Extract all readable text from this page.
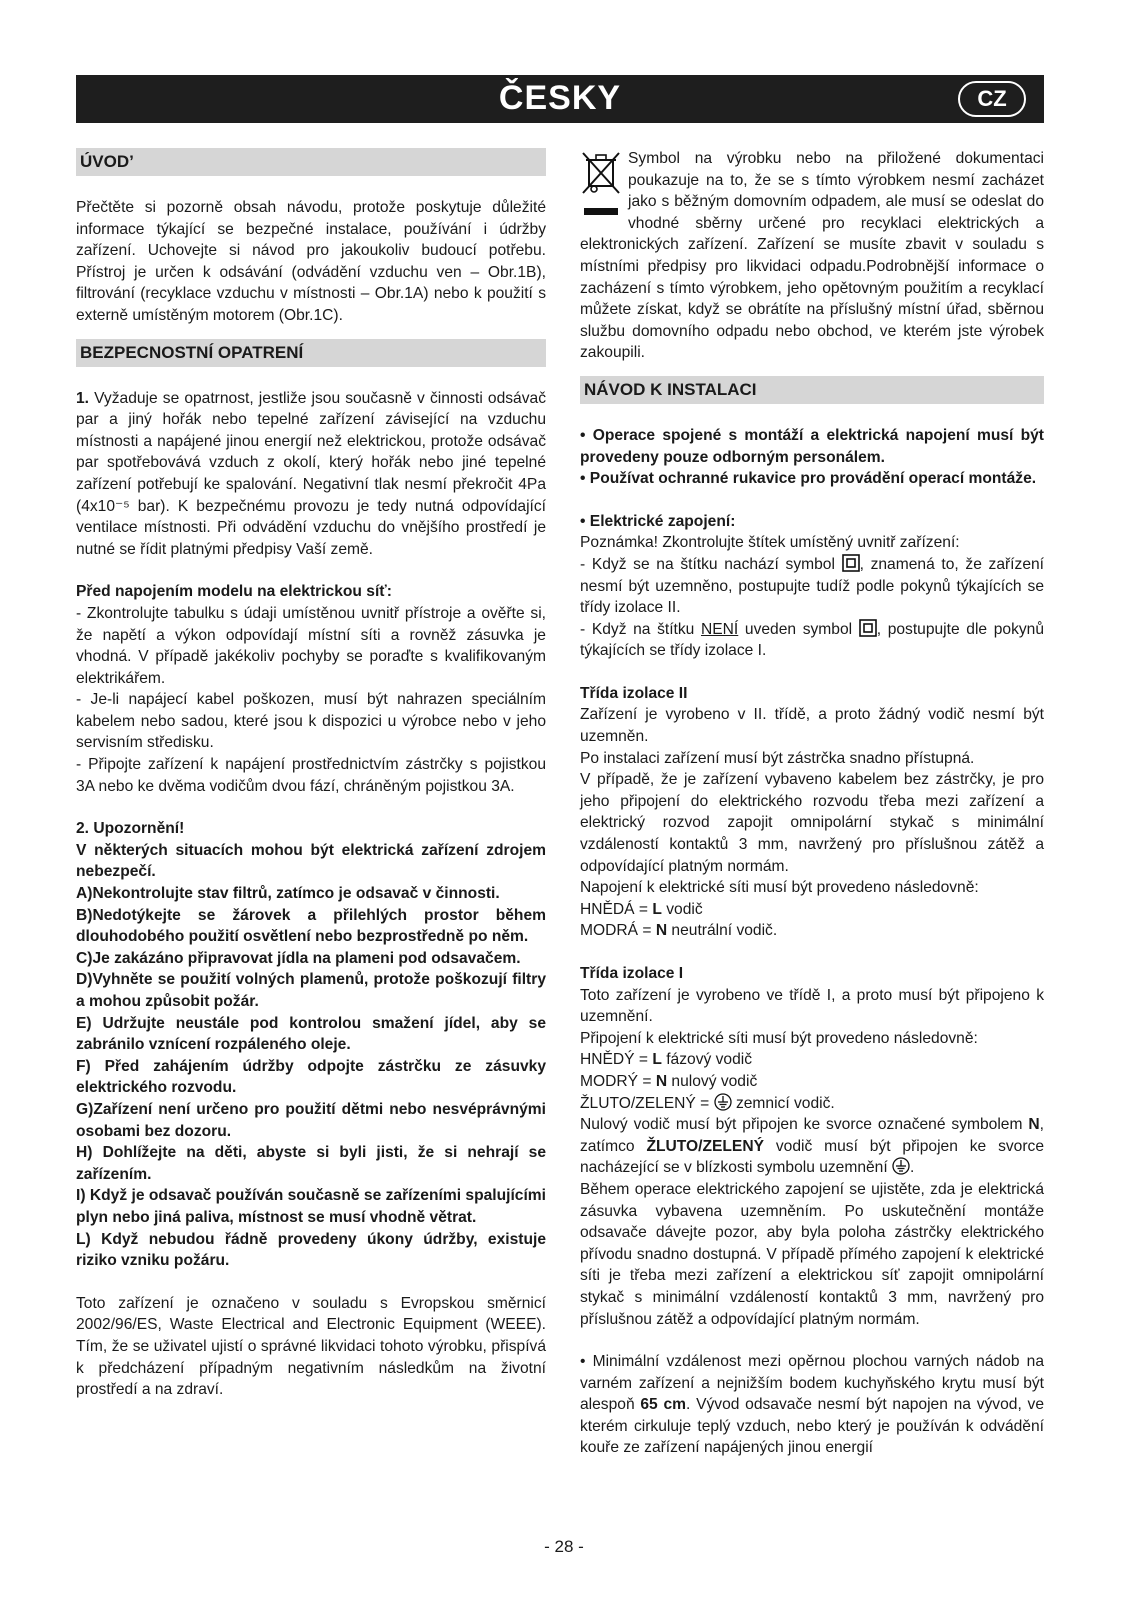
ČESKY	CZ
ÚVOD’

Přečtěte si pozorně obsah návodu, protože poskytuje důležité informace týkající se bezpečné instalace, používání i údržby zařízení. Uchovejte si návod pro jakoukoliv budoucí potřebu. Přístroj je určen k odsávání (odvádění vzduchu ven – Obr.1B), filtrování (recyklace vzduchu v místnosti – Obr.1A) nebo k použití s externě umístěným motorem (Obr.1C).

BEZPECNOSTNÍ OPATRENÍ

1. Vyžaduje se opatrnost, jestliže jsou současně v činnosti odsávač par a jiný hořák nebo tepelné zařízení závisející na vzduchu místnosti a napájené jinou energií než elektrickou, protože odsávač par spotřebovává vzduch z okolí, který hořák nebo jiné tepelné zařízení potřebují ke spalování. Negativní tlak nesmí překročit 4Pa (4x10⁻⁵ bar). K bezpečnému provozu je tedy nutná odpovídající ventilace místnosti. Při odvádění vzduchu do vnějšího prostředí je nutné se řídit platnými předpisy Vaší země.

Před napojením modelu na elektrickou síť:

- Zkontrolujte tabulku s údaji umístěnou uvnitř přístroje a ověřte si, že napětí a výkon odpovídají místní síti a rovněž zásuvka je vhodná. V případě jakékoliv pochyby se poraďte s kvalifikovaným elektrikářem.

- Je-li napájecí kabel poškozen, musí být nahrazen speciálním kabelem nebo sadou, které jsou k dispozici u výrobce nebo v jeho servisním středisku.

- Připojte zařízení k napájení prostřednictvím zástrčky s pojistkou 3A nebo ke dvěma vodičům dvou fází, chráněným pojistkou 3A.

2. Upozornění!

V některých situacích mohou být elektrická zařízení zdrojem nebezpečí.

A)Nekontrolujte stav filtrů, zatímco je odsavač v činnosti.

B)Nedotýkejte se žárovek a přilehlých prostor během dlouhodobého použití osvětlení nebo bezprostředně po něm.

C)Je zakázáno připravovat jídla na plameni pod odsavačem.

D)Vyhněte se použití volných plamenů, protože poškozují filtry a mohou způsobit požár.

E) Udržujte neustále pod kontrolou smažení jídel, aby se zabránilo vznícení rozpáleného oleje.

F) Před zahájením údržby odpojte zástrčku ze zásuvky elektrického rozvodu.

G)Zařízení není určeno pro použití dětmi nebo nesvéprávnými osobami bez dozoru.

H) Dohlížejte na děti, abyste si byli jisti, že si nehrají se zařízením.

I) Když je odsavač používán současně se zařízeními spalujícími plyn nebo jiná paliva, místnost se musí vhodně větrat.

L) Když nebudou řádně provedeny úkony údržby, existuje riziko vzniku požáru.

Toto zařízení je označeno v souladu s Evropskou směrnicí 2002/96/ES, Waste Electrical and Electronic Equipment (WEEE). Tím, že se uživatel ujistí o správné likvidaci tohoto výrobku, přispívá k předcházení případným negativním následkům na životní prostředí a na zdraví.

Symbol na výrobku nebo na přiložené dokumentaci poukazuje na to, že se s tímto výrobkem nesmí zacházet jako s běžným domovním odpadem, ale musí se odeslat do vhodné sběrny určené pro recyklaci elektrických a elektronických zařízení. Zařízení se musíte zbavit v souladu s místními předpisy pro likvidaci odpadu.Podrobnější informace o zacházení s tímto výrobkem, jeho opětovným použitím a recyklací můžete získat, když se obrátíte na příslušný místní úřad, sběrnou službu domovního odpadu nebo obchod, ve kterém jste výrobek zakoupili.

NÁVOD K INSTALACI

• Operace spojené s montáží a elektrická napojení musí být provedeny pouze odborným personálem.

• Používat ochranné rukavice pro provádění operací montáže.

• Elektrické zapojení:

Poznámka! Zkontrolujte štítek umístěný uvnitř zařízení:

- Když se na štítku nachází symbol , znamená to, že zařízení nesmí být uzemněno, postupujte tudíž podle pokynů týkajících se třídy izolace II.

- Když na štítku NENÍ uveden symbol , postupujte dle pokynů týkajících se třídy izolace I.

Třída izolace II

Zařízení je vyrobeno v II. třídě, a proto žádný vodič nesmí být uzemněn.

Po instalaci zařízení musí být zástrčka snadno přístupná.

V případě, že je zařízení vybaveno kabelem bez zástrčky, je pro jeho připojení do elektrického rozvodu třeba mezi zařízení a elektrický rozvod zapojit omnipolární stykač s minimální vzdáleností kontaktů 3 mm, navržený pro příslušnou zátěž a odpovídající platným normám.

Napojení k elektrické síti musí být provedeno následovně:

HNĚDÁ = L vodič

MODRÁ = N neutrální vodič.

Třída izolace I

Toto zařízení je vyrobeno ve třídě I, a proto musí být připojeno k uzemnění.

Připojení k elektrické síti musí být provedeno následovně:

HNĚDÝ = L fázový vodič

MODRÝ = N nulový vodič

ŽLUTO/ZELENÝ =  zemnicí vodič.

Nulový vodič musí být připojen ke svorce označené symbolem N, zatímco ŽLUTO/ZELENÝ vodič musí být připojen ke svorce nacházející se v blízkosti symbolu uzemnění .

Během operace elektrického zapojení se ujistěte, zda je elektrická zásuvka vybavena uzemněním. Po uskutečnění montáže odsavače dávejte pozor, aby byla poloha zástrčky elektrického přívodu snadno dostupná. V případě přímého zapojení k elektrické síti je třeba mezi zařízení a elektrickou síť zapojit omnipolární stykač s minimální vzdáleností kontaktů 3 mm, navržený pro příslušnou zátěž a odpovídající platným normám.

• Minimální vzdálenost mezi opěrnou plochou varných nádob na varném zařízení a nejnižším bodem kuchyňského krytu musí být alespoň 65 cm. Vývod odsavače nesmí být napojen na vývod, ve kterém cirkuluje teplý vzduch, nebo který je používán k odvádění kouře ze zařízení napájených jinou energií

- 28 -
